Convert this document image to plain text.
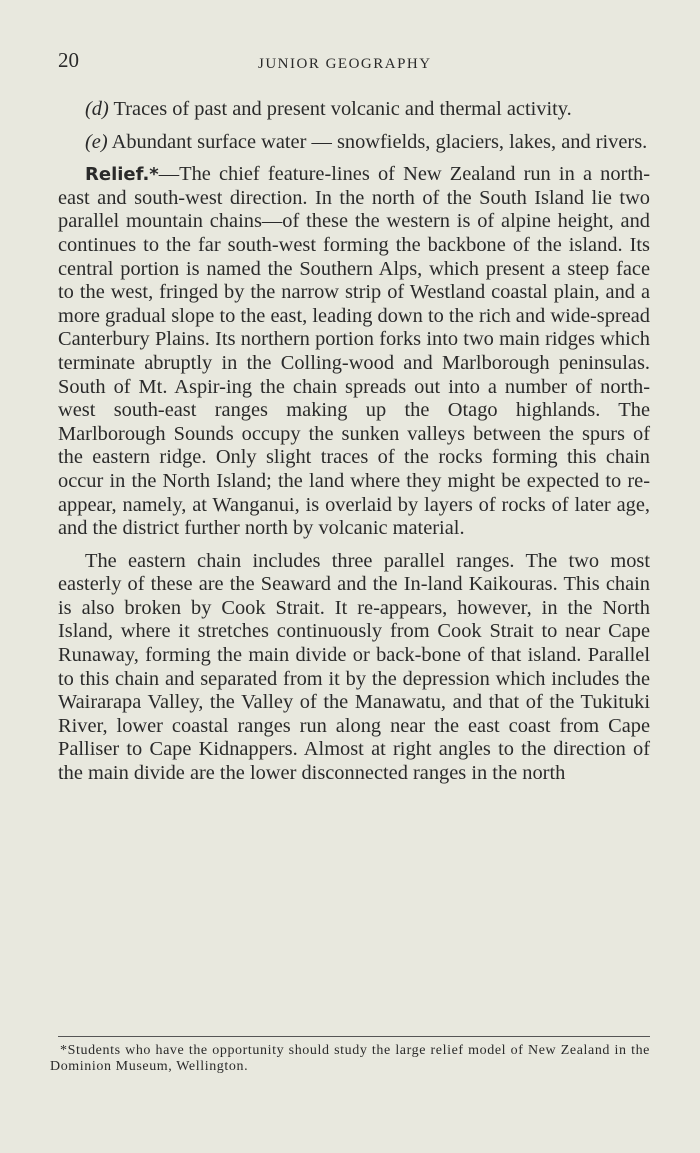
20	JUNIOR GEOGRAPHY

(d) Traces of past and present volcanic and thermal activity.

(e) Abundant surface water — snowfields, glaciers, lakes, and rivers.

Relief.*—The chief feature-lines of New Zealand run in a north-east and south-west direction. In the north of the South Island lie two parallel mountain chains—of these the western is of alpine height, and continues to the far south-west forming the backbone of the island. Its central portion is named the Southern Alps, which present a steep face to the west, fringed by the narrow strip of Westland coastal plain, and a more gradual slope to the east, leading down to the rich and wide-spread Canterbury Plains. Its northern portion forks into two main ridges which terminate abruptly in the Colling-wood and Marlborough peninsulas. South of Mt. Aspir-ing the chain spreads out into a number of north-west south-east ranges making up the Otago highlands. The Marlborough Sounds occupy the sunken valleys between the spurs of the eastern ridge. Only slight traces of the rocks forming this chain occur in the North Island; the land where they might be expected to re-appear, namely, at Wanganui, is overlaid by layers of rocks of later age, and the district further north by volcanic material.

The eastern chain includes three parallel ranges. The two most easterly of these are the Seaward and the In-land Kaikouras. This chain is also broken by Cook Strait. It re-appears, however, in the North Island, where it stretches continuously from Cook Strait to near Cape Runaway, forming the main divide or back-bone of that island. Parallel to this chain and separated from it by the depression which includes the Wairarapa Valley, the Valley of the Manawatu, and that of the Tukituki River, lower coastal ranges run along near the east coast from Cape Palliser to Cape Kidnappers. Almost at right angles to the direction of the main divide are the lower disconnected ranges in the north

*Students who have the opportunity should study the large relief model of New Zealand in the Dominion Museum, Wellington.
